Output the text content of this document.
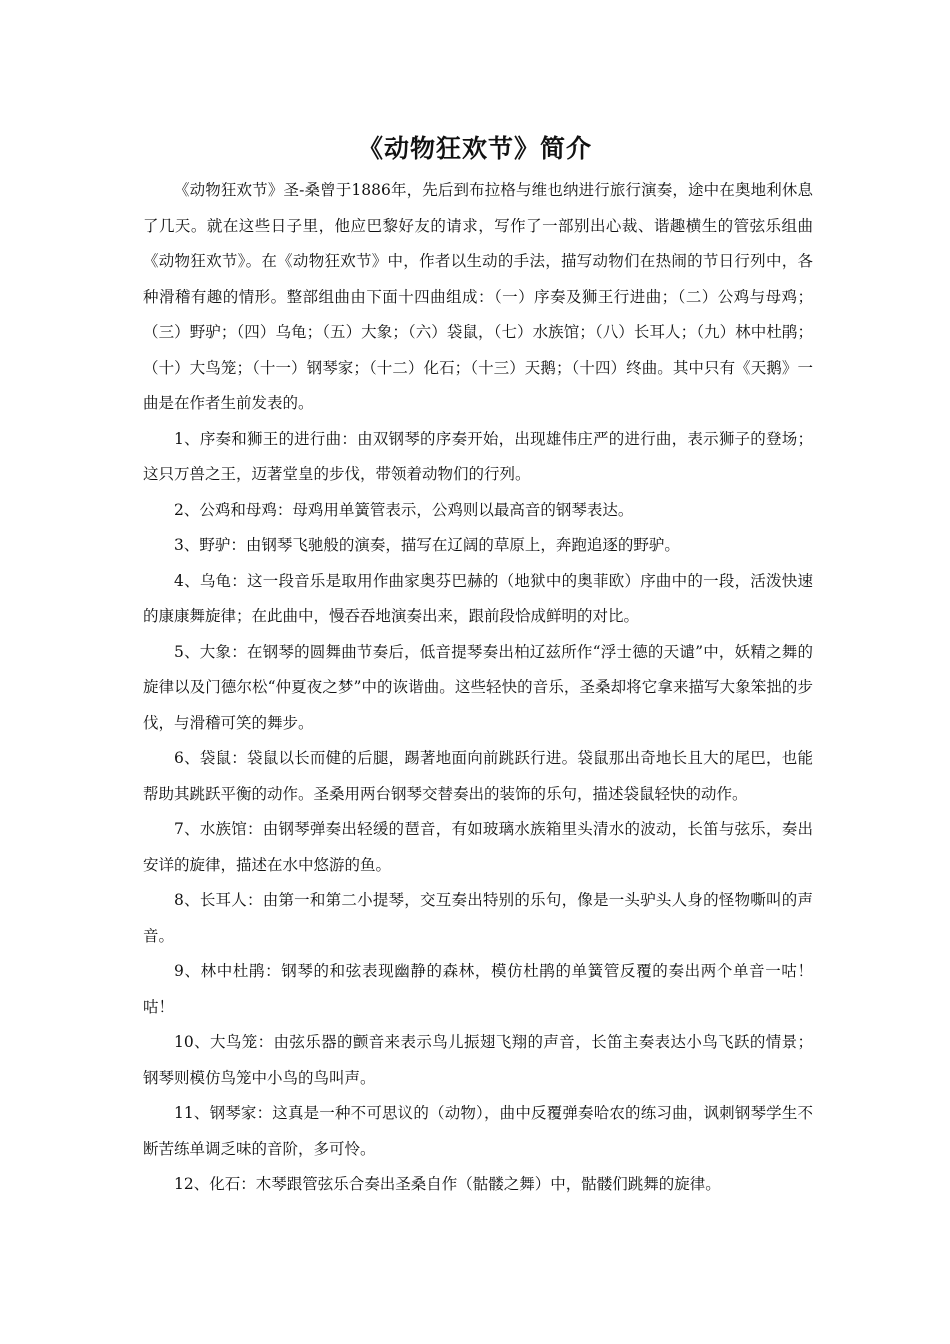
《动物狂欢节》简介

《动物狂欢节》圣-桑曾于1886年，先后到布拉格与维也纳进行旅行演奏，途中在奥地利休息了几天。就在这些日子里，他应巴黎好友的请求，写作了一部别出心裁、谐趣横生的管弦乐组曲《动物狂欢节》。在《动物狂欢节》中，作者以生动的手法，描写动物们在热闹的节日行列中，各种滑稽有趣的情形。整部组曲由下面十四曲组成：（一）序奏及狮王行进曲；（二）公鸡与母鸡；（三）野驴；（四）乌龟；（五）大象；（六）袋鼠，（七）水族馆；（八）长耳人；（九）林中杜鹃；（十）大鸟笼；（十一）钢琴家；（十二）化石；（十三）天鹅；（十四）终曲。其中只有《天鹅》一曲是在作者生前发表的。

1、序奏和狮王的进行曲：由双钢琴的序奏开始，出现雄伟庄严的进行曲，表示狮子的登场；这只万兽之王，迈著堂皇的步伐，带领着动物们的行列。

2、公鸡和母鸡：母鸡用单簧管表示，公鸡则以最高音的钢琴表达。

3、野驴：由钢琴飞驰般的演奏，描写在辽阔的草原上，奔跑追逐的野驴。

4、乌龟：这一段音乐是取用作曲家奥芬巴赫的（地狱中的奥菲欧）序曲中的一段，活泼快速的康康舞旋律；在此曲中，慢吞吞地演奏出来，跟前段恰成鲜明的对比。

5、大象：在钢琴的圆舞曲节奏后，低音提琴奏出柏辽兹所作“浮士德的天谴”中，妖精之舞的旋律以及门德尔松“仲夏夜之梦”中的诙谐曲。这些轻快的音乐，圣桑却将它拿来描写大象笨拙的步伐，与滑稽可笑的舞步。

6、袋鼠：袋鼠以长而健的后腿，踢著地面向前跳跃行进。袋鼠那出奇地长且大的尾巴，也能帮助其跳跃平衡的动作。圣桑用两台钢琴交替奏出的装饰的乐句，描述袋鼠轻快的动作。

7、水族馆：由钢琴弹奏出轻缓的琶音，有如玻璃水族箱里头清水的波动，长笛与弦乐，奏出安详的旋律，描述在水中悠游的鱼。

8、长耳人：由第一和第二小提琴，交互奏出特别的乐句，像是一头驴头人身的怪物嘶叫的声音。

9、林中杜鹃：钢琴的和弦表现幽静的森林，模仿杜鹃的单簧管反覆的奏出两个单音一咕！咕！

10、大鸟笼：由弦乐器的颤音来表示鸟儿振翅飞翔的声音，长笛主奏表达小鸟飞跃的情景；钢琴则模仿鸟笼中小鸟的鸟叫声。

11、钢琴家：这真是一种不可思议的（动物），曲中反覆弹奏哈农的练习曲，讽刺钢琴学生不断苦练单调乏味的音阶，多可怜。

12、化石：木琴跟管弦乐合奏出圣桑自作（骷髅之舞）中，骷髅们跳舞的旋律。
